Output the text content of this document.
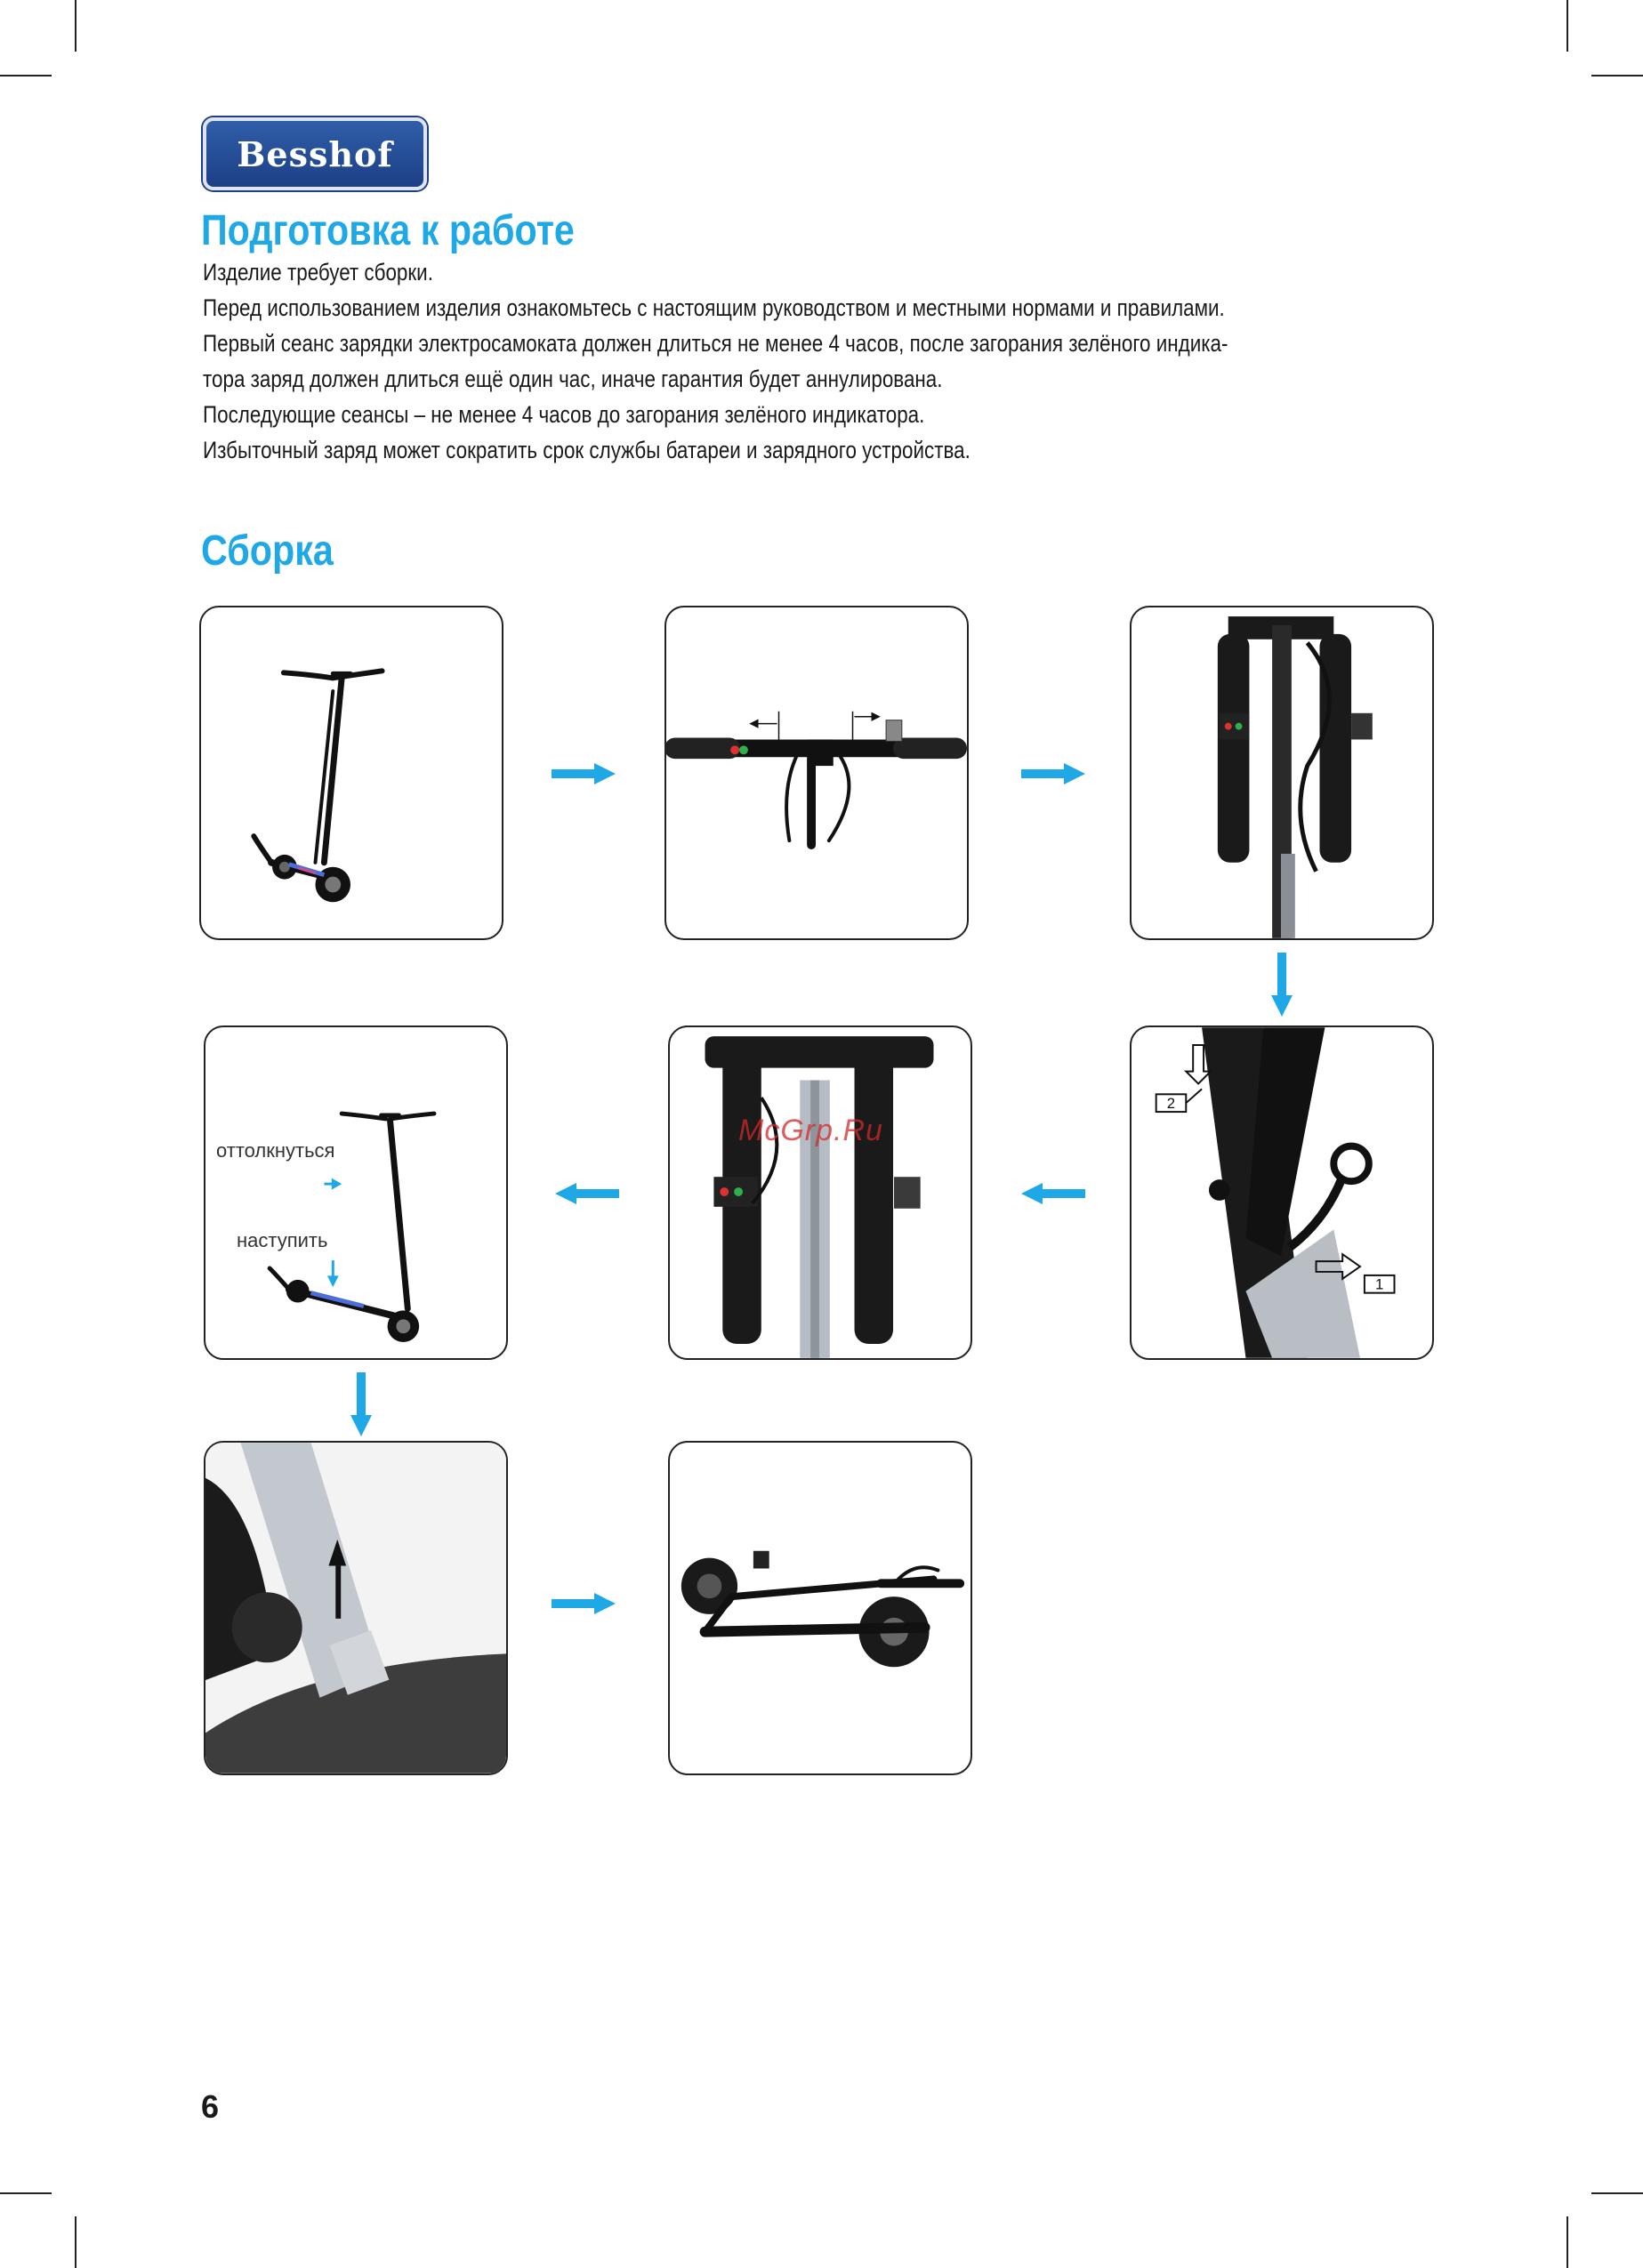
Besshof
Подготовка к работе

Изделие требует сборки.

Перед использованием изделия ознакомьтесь с настоящим руководством и местными нормами и правилами.

Первый сеанс зарядки электросамоката должен длиться не менее 4 часов, после загорания зелёного индика-

тора заряд должен длиться ещё один час, иначе гарантия будет аннулирована.

Последующие сеансы – не менее 4 часов до загорания зелёного индикатора.

Избыточный заряд может сократить срок службы батареи и зарядного устройства.

Сборка
оттолкнуться
наступить
McGrp.Ru
2
1
6
